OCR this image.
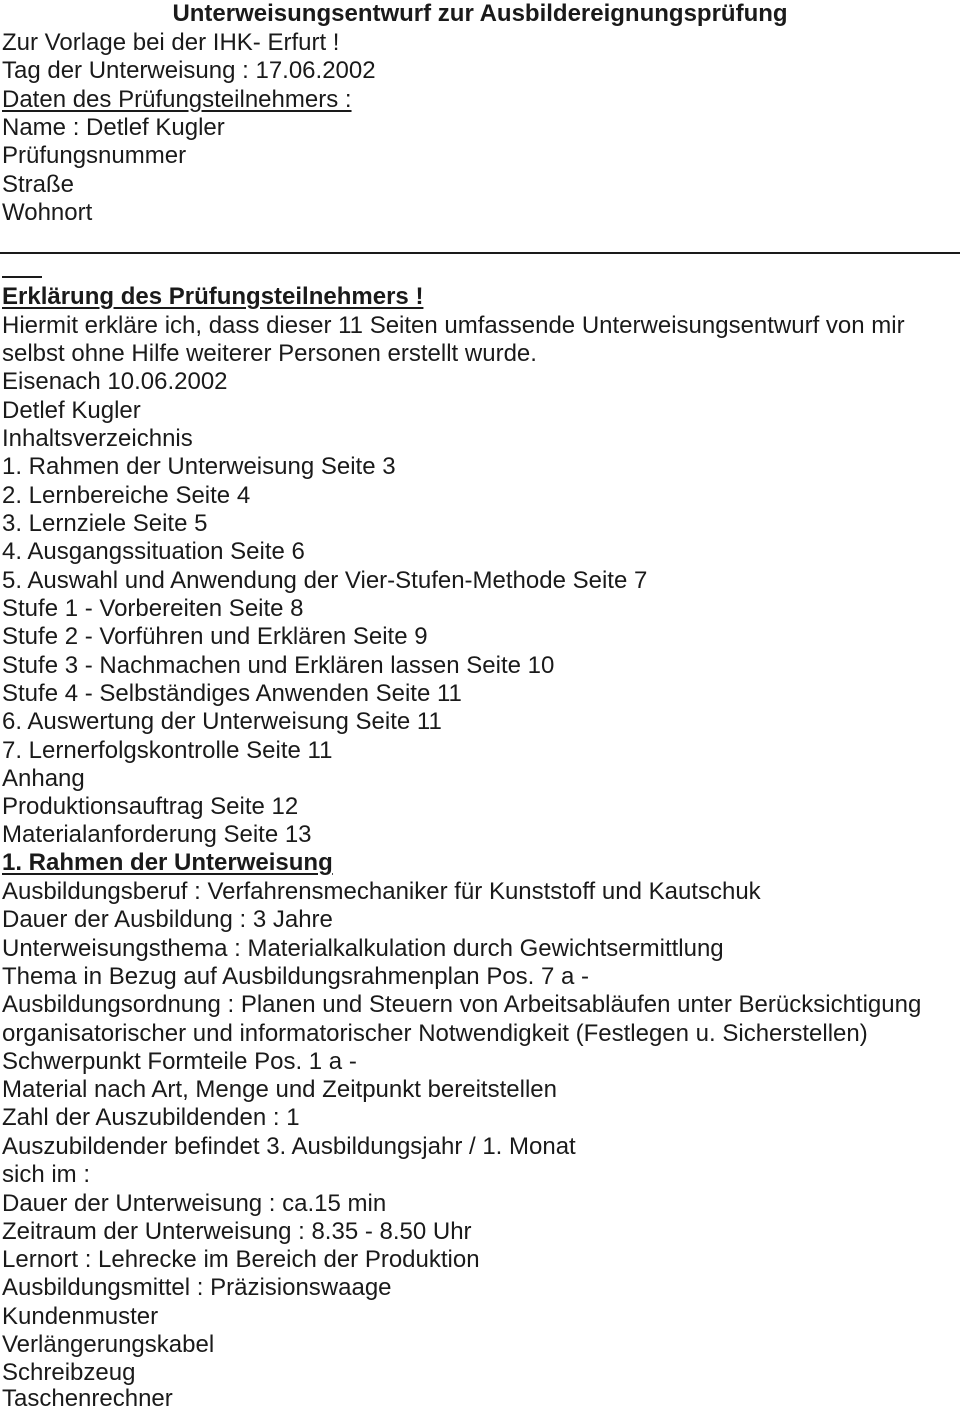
Unterweisungsentwurf zur Ausbildereignungsprüfung
Zur Vorlage bei der IHK- Erfurt !
Tag der Unterweisung : 17.06.2002
Daten des Prüfungsteilnehmers :
Name : Detlef Kugler
Prüfungsnummer
Straße
Wohnort
Erklärung des Prüfungsteilnehmers !
Hiermit erkläre ich, dass dieser 11 Seiten umfassende Unterweisungsentwurf von mir
selbst ohne Hilfe weiterer Personen erstellt wurde.
Eisenach 10.06.2002
Detlef Kugler
Inhaltsverzeichnis
1. Rahmen der Unterweisung Seite 3
2. Lernbereiche Seite 4
3. Lernziele Seite 5
4. Ausgangssituation Seite 6
5. Auswahl und Anwendung der Vier-Stufen-Methode Seite 7
Stufe 1 - Vorbereiten Seite 8
Stufe 2 - Vorführen und Erklären Seite 9
Stufe 3 - Nachmachen und Erklären lassen Seite 10
Stufe 4 - Selbständiges Anwenden Seite 11
6. Auswertung der Unterweisung Seite 11
7. Lernerfolgskontrolle Seite 11
Anhang
Produktionsauftrag Seite 12
Materialanforderung Seite 13
1. Rahmen der Unterweisung
Ausbildungsberuf : Verfahrensmechaniker für Kunststoff und Kautschuk
Dauer der Ausbildung : 3 Jahre
Unterweisungsthema : Materialkalkulation durch Gewichtsermittlung
Thema in Bezug auf Ausbildungsrahmenplan Pos. 7 a -
Ausbildungsordnung : Planen und Steuern von Arbeitsabläufen unter Berücksichtigung
organisatorischer und informatorischer Notwendigkeit (Festlegen u. Sicherstellen)
Schwerpunkt Formteile Pos. 1 a -
Material nach Art, Menge und Zeitpunkt bereitstellen
Zahl der Auszubildenden : 1
Auszubildender befindet 3. Ausbildungsjahr / 1. Monat
sich im :
Dauer der Unterweisung : ca.15 min
Zeitraum der Unterweisung : 8.35 - 8.50 Uhr
Lernort : Lehrecke im Bereich der Produktion
Ausbildungsmittel : Präzisionswaage
Kundenmuster
Verlängerungskabel
Schreibzeug
Taschenrechner
